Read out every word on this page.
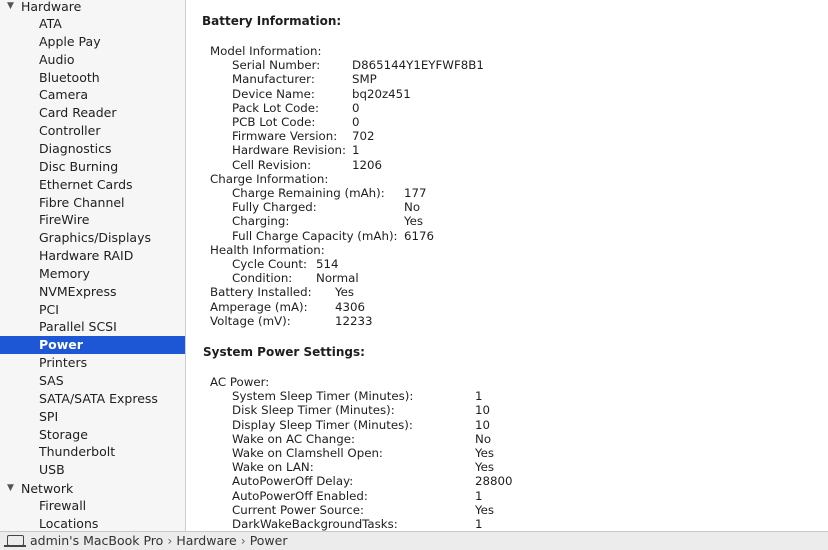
▼ Hardware
ATA
Apple Pay
Audio
Bluetooth
Camera
Card Reader
Controller
Diagnostics
Disc Burning
Ethernet Cards
Fibre Channel
FireWire
Graphics/Displays
Hardware RAID
Memory
NVMExpress
PCI
Parallel SCSI
Power
Printers
SAS
SATA/SATA Express
SPI
Storage
Thunderbolt
USB
▼ Network
Firewall
Locations
Battery Information:
Model Information:
Serial Number:	D865144Y1EYFWF8B1
Manufacturer:	SMP
Device Name:	bq20z451
Pack Lot Code:	0
PCB Lot Code:	0
Firmware Version: 702
Hardware Revision: 1
Cell Revision:	1206
Charge Information:
Charge Remaining (mAh): 177
Fully Charged:	No
Charging:	Yes
Full Charge Capacity (mAh): 6176
Health Information:
Cycle Count: 514
Condition: Normal
Battery Installed: Yes
Amperage (mA): 4306
Voltage (mV):	12233
System Power Settings:
AC Power:
System Sleep Timer (Minutes):	1
Disk Sleep Timer (Minutes):	10
Display Sleep Timer (Minutes):	10
Wake on AC Change:	No
Wake on Clamshell Open:	Yes
Wake on LAN:	Yes
AutoPowerOff Delay:	28800
AutoPowerOff Enabled:	1
Current Power Source:	Yes
DarkWakeBackgroundTasks:	1
admin's MacBook Pro › Hardware › Power
